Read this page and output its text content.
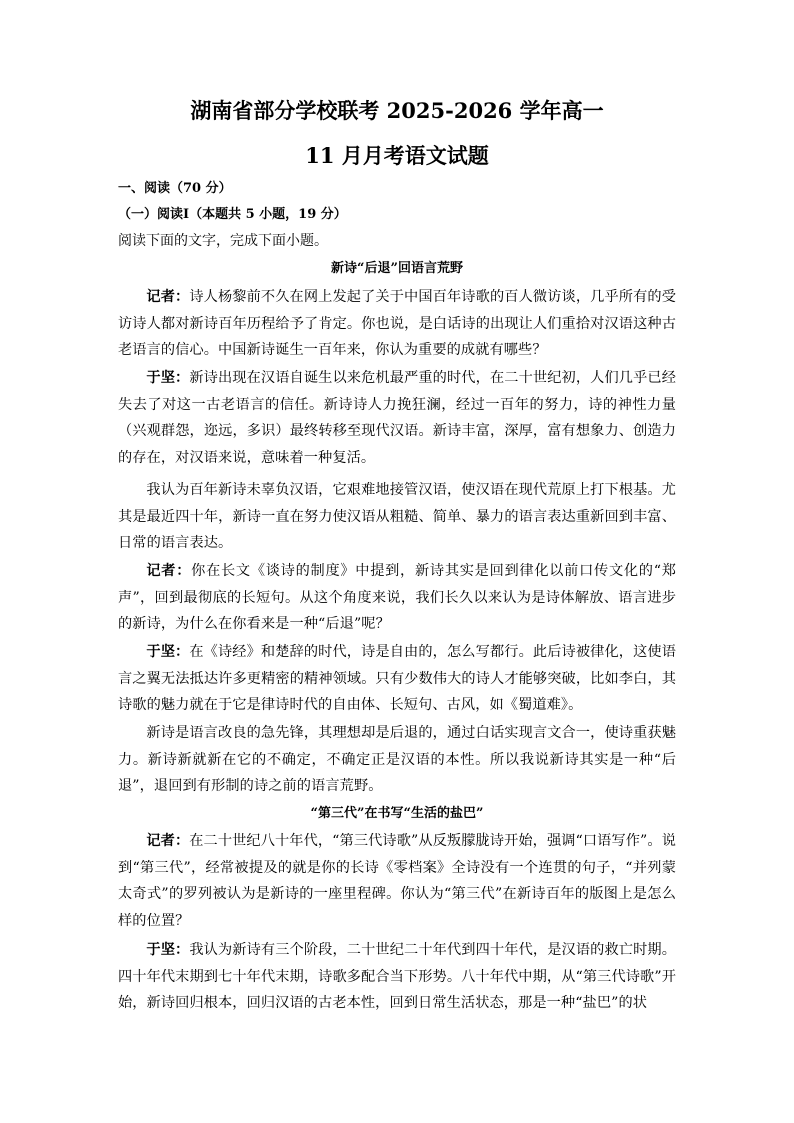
湖南省部分学校联考 2025-2026 学年高一
11 月月考语文试题
一、阅读（70 分）
（一）阅读Ⅰ（本题共 5 小题，19 分）
阅读下面的文字，完成下面小题。
新诗“后退”回语言荒野

记者：诗人杨黎前不久在网上发起了关于中国百年诗歌的百人微访谈，几乎所有的受访诗人都对新诗百年历程给予了肯定。你也说，是白话诗的出现让人们重拾对汉语这种古老语言的信心。中国新诗诞生一百年来，你认为重要的成就有哪些？

于坚：新诗出现在汉语自诞生以来危机最严重的时代，在二十世纪初，人们几乎已经失去了对这一古老语言的信任。新诗诗人力挽狂澜，经过一百年的努力，诗的神性力量（兴观群怨，迩远，多识）最终转移至现代汉语。新诗丰富，深厚，富有想象力、创造力的存在，对汉语来说，意味着一种复活。

我认为百年新诗未辜负汉语，它艰难地接管汉语，使汉语在现代荒原上打下根基。尤其是最近四十年，新诗一直在努力使汉语从粗糙、简单、暴力的语言表达重新回到丰富、日常的语言表达。

记者：你在长文《谈诗的制度》中提到，新诗其实是回到律化以前口传文化的“郑声”，回到最彻底的长短句。从这个角度来说，我们长久以来认为是诗体解放、语言进步的新诗，为什么在你看来是一种“后退”呢？

于坚：在《诗经》和楚辞的时代，诗是自由的，怎么写都行。此后诗被律化，这使语言之翼无法抵达许多更精密的精神领域。只有少数伟大的诗人才能够突破，比如李白，其诗歌的魅力就在于它是律诗时代的自由体、长短句、古风，如《蜀道难》。

新诗是语言改良的急先锋，其理想却是后退的，通过白话实现言文合一，使诗重获魅力。新诗新就新在它的不确定，不确定正是汉语的本性。所以我说新诗其实是一种“后退”，退回到有形制的诗之前的语言荒野。

“第三代”在书写“生活的盐巴”

记者：在二十世纪八十年代，“第三代诗歌”从反叛朦胧诗开始，强调“口语写作”。说到“第三代”，经常被提及的就是你的长诗《零档案》全诗没有一个连贯的句子，“并列蒙太奇式”的罗列被认为是新诗的一座里程碑。你认为“第三代”在新诗百年的版图上是怎么样的位置？

于坚：我认为新诗有三个阶段，二十世纪二十年代到四十年代，是汉语的救亡时期。四十年代末期到七十年代末期，诗歌多配合当下形势。八十年代中期，从“第三代诗歌”开始，新诗回归根本，回归汉语的古老本性，回到日常生活状态，那是一种“盐巴”的状
